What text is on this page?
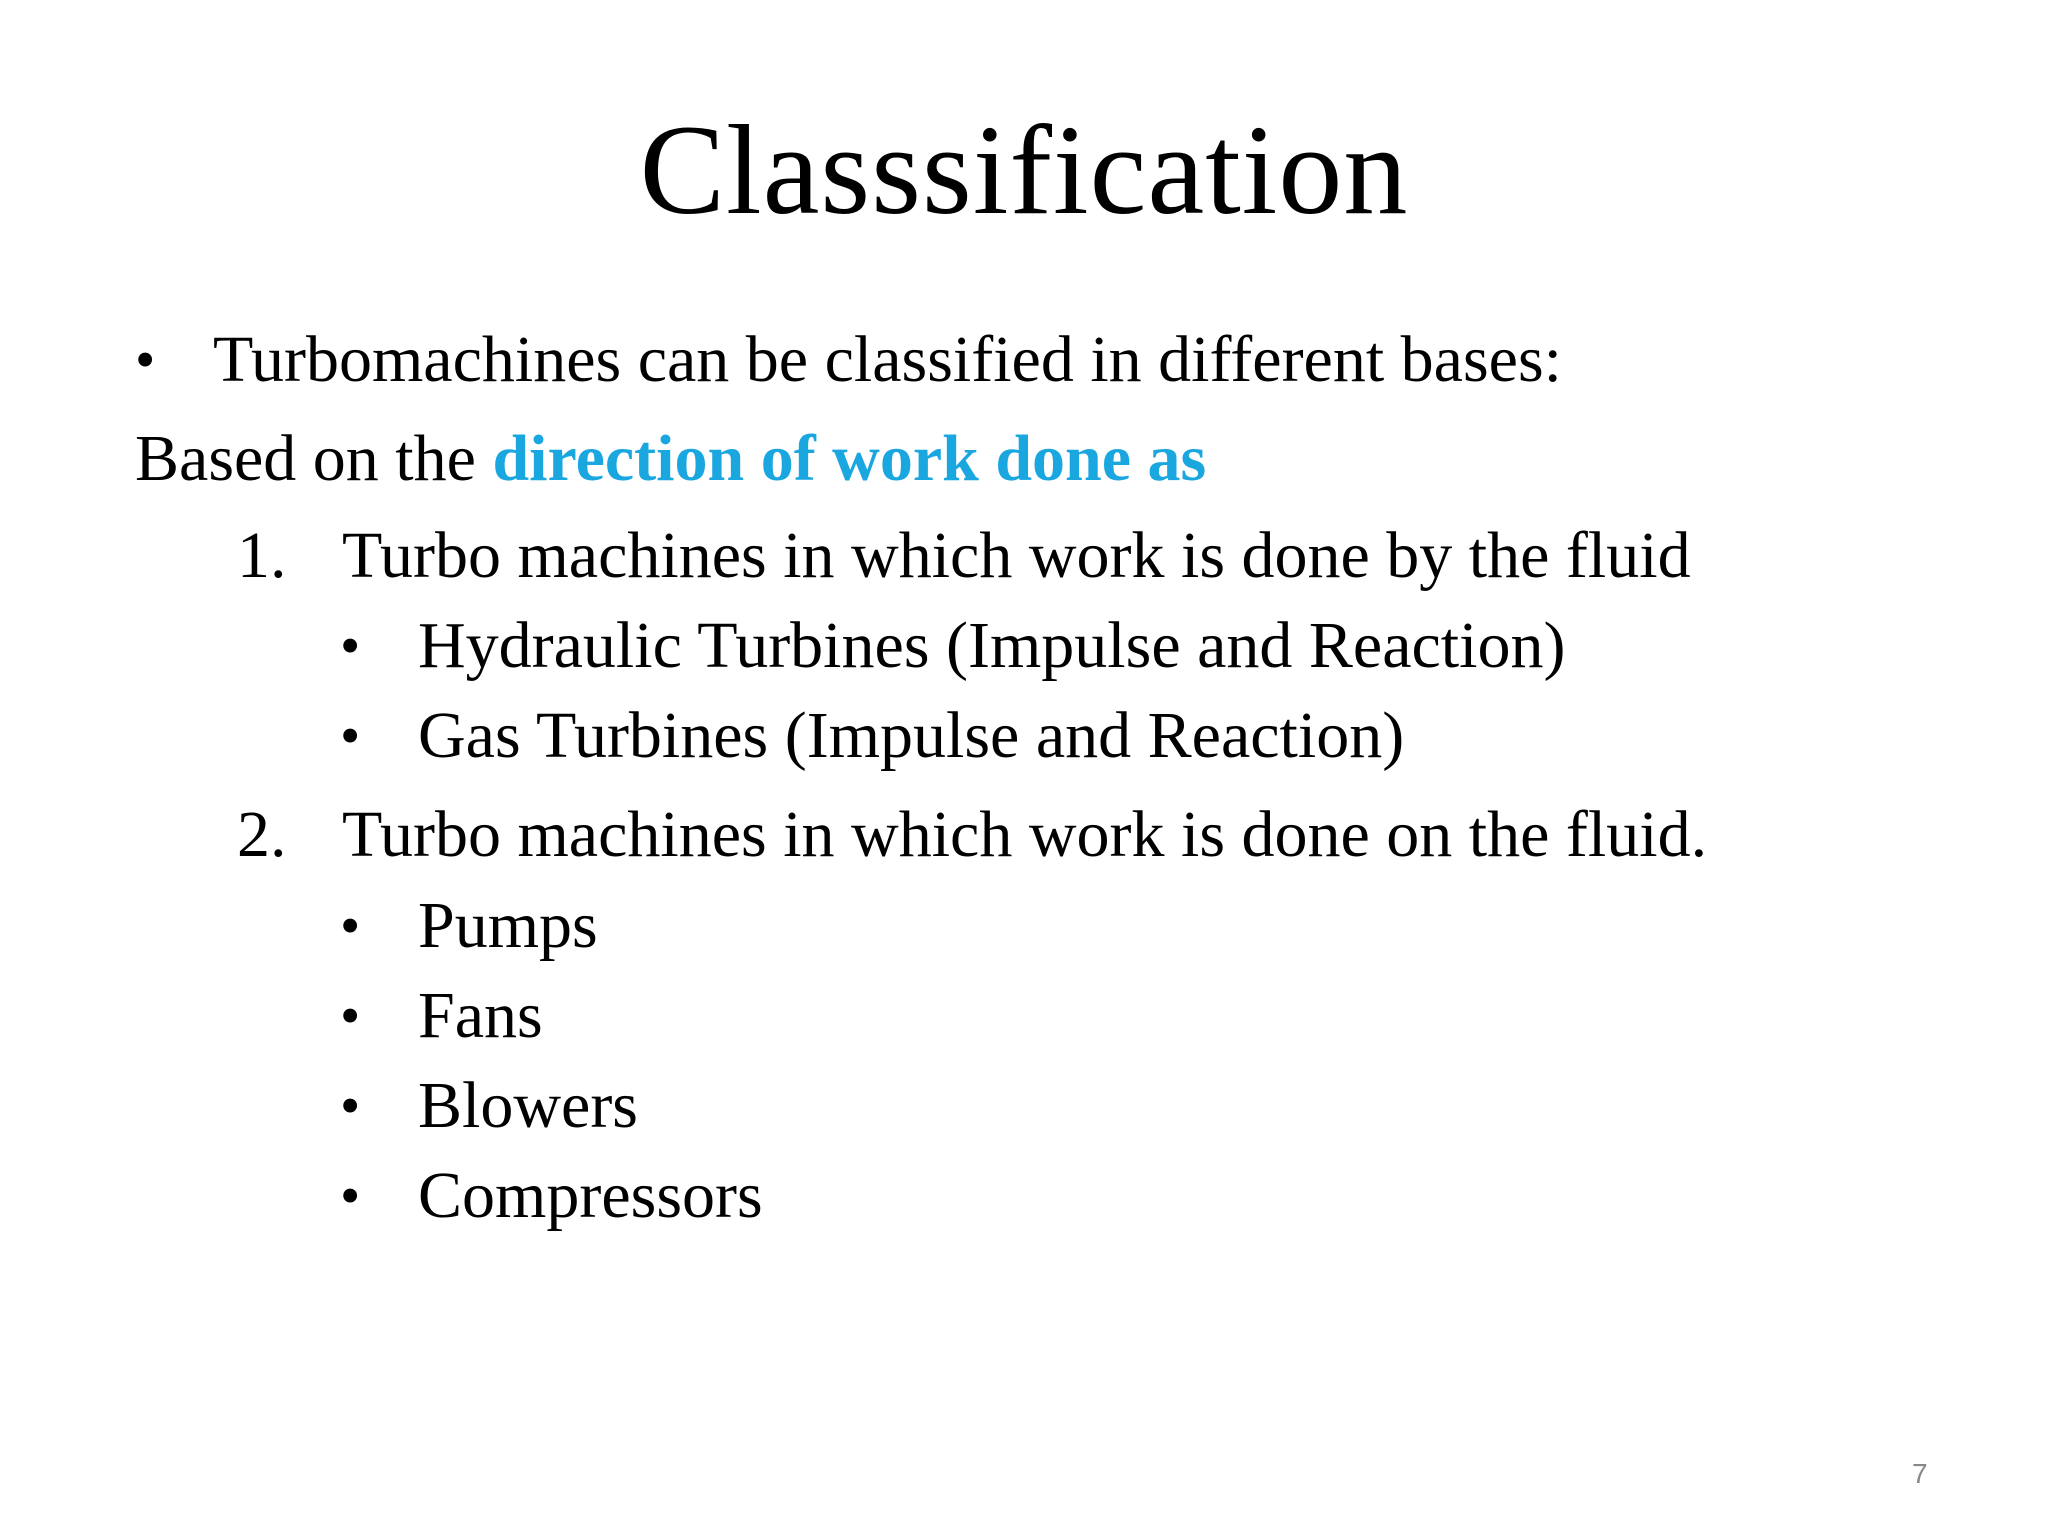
Classsification
• Turbomachines can be classified in different bases:
Based on the direction of work done as
1. Turbo machines in which work is done by the fluid
• Hydraulic Turbines (Impulse and Reaction)
• Gas Turbines (Impulse and Reaction)
2. Turbo machines in which work is done on the fluid.
• Pumps
• Fans
• Blowers
• Compressors
7
